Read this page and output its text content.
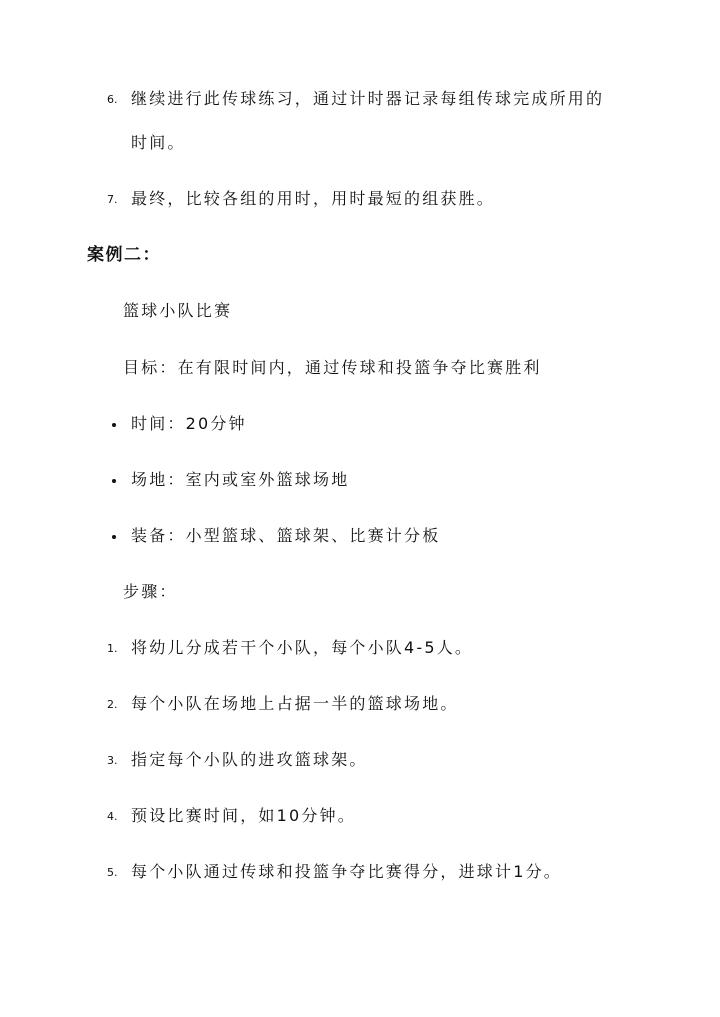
6. 继续进行此传球练习，通过计时器记录每组传球完成所用的
时间。
7. 最终，比较各组的用时，用时最短的组获胜。
案例二：
篮球小队比赛
目标：在有限时间内，通过传球和投篮争夺比赛胜利
时间：20分钟
场地：室内或室外篮球场地
装备：小型篮球、篮球架、比赛计分板
步骤：
1. 将幼儿分成若干个小队，每个小队4-5人。
2. 每个小队在场地上占据一半的篮球场地。
3. 指定每个小队的进攻篮球架。
4. 预设比赛时间，如10分钟。
5. 每个小队通过传球和投篮争夺比赛得分，进球计1分。
